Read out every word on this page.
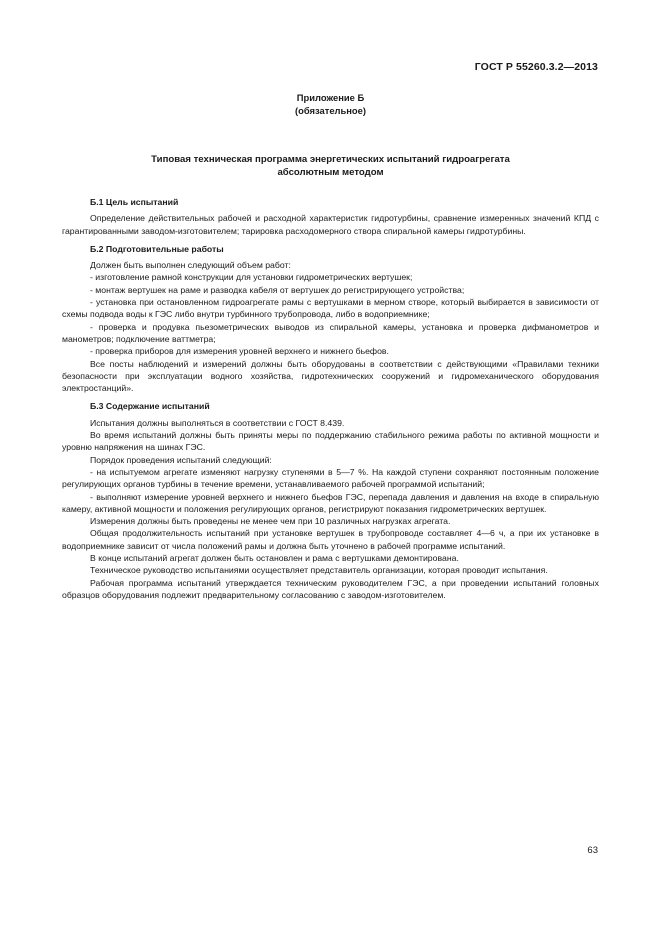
ГОСТ Р 55260.3.2—2013
Приложение Б
(обязательное)
Типовая техническая программа энергетических испытаний гидроагрегата
абсолютным методом
Б.1 Цель испытаний

Определение действительных рабочей и расходной характеристик гидротурбины, сравнение измеренных значений КПД с гарантированными заводом-изготовителем; тарировка расходомерного створа спиральной камеры гидротурбины.

Б.2 Подготовительные работы

Должен быть выполнен следующий объем работ:

- изготовление рамной конструкции для установки гидрометрических вертушек;

- монтаж вертушек на раме и разводка кабеля от вертушек до регистрирующего устройства;

- установка при остановленном гидроагрегате рамы с вертушками в мерном створе, который выбирается в зависимости от схемы подвода воды к ГЭС либо внутри турбинного трубопровода, либо в водоприемнике;

- проверка и продувка пьезометрических выводов из спиральной камеры, установка и проверка дифманометров и манометров; подключение ваттметра;

- проверка приборов для измерения уровней верхнего и нижнего бьефов.

Все посты наблюдений и измерений должны быть оборудованы в соответствии с действующими «Правилами техники безопасности при эксплуатации водного хозяйства, гидротехнических сооружений и гидромеханического оборудования электростанций».

Б.3 Содержание испытаний

Испытания должны выполняться в соответствии с ГОСТ 8.439.

Во время испытаний должны быть приняты меры по поддержанию стабильного режима работы по активной мощности и уровню напряжения на шинах ГЭС.

Порядок проведения испытаний следующий:

- на испытуемом агрегате изменяют нагрузку ступенями в 5—7 %. На каждой ступени сохраняют постоянным положение регулирующих органов турбины в течение времени, устанавливаемого рабочей программой испытаний;

- выполняют измерение уровней верхнего и нижнего бьефов ГЭС, перепада давления и давления на входе в спиральную камеру, активной мощности и положения регулирующих органов, регистрируют показания гидрометрических вертушек.

Измерения должны быть проведены не менее чем при 10 различных нагрузках агрегата.

Общая продолжительность испытаний при установке вертушек в трубопроводе составляет 4—6 ч, а при их установке в водоприемнике зависит от числа положений рамы и должна быть уточнено в рабочей программе испытаний.

В конце испытаний агрегат должен быть остановлен и рама с вертушками демонтирована.

Техническое руководство испытаниями осуществляет представитель организации, которая проводит испытания.

Рабочая программа испытаний утверждается техническим руководителем ГЭС, а при проведении испытаний головных образцов оборудования подлежит предварительному согласованию с заводом-изготовителем.

63
